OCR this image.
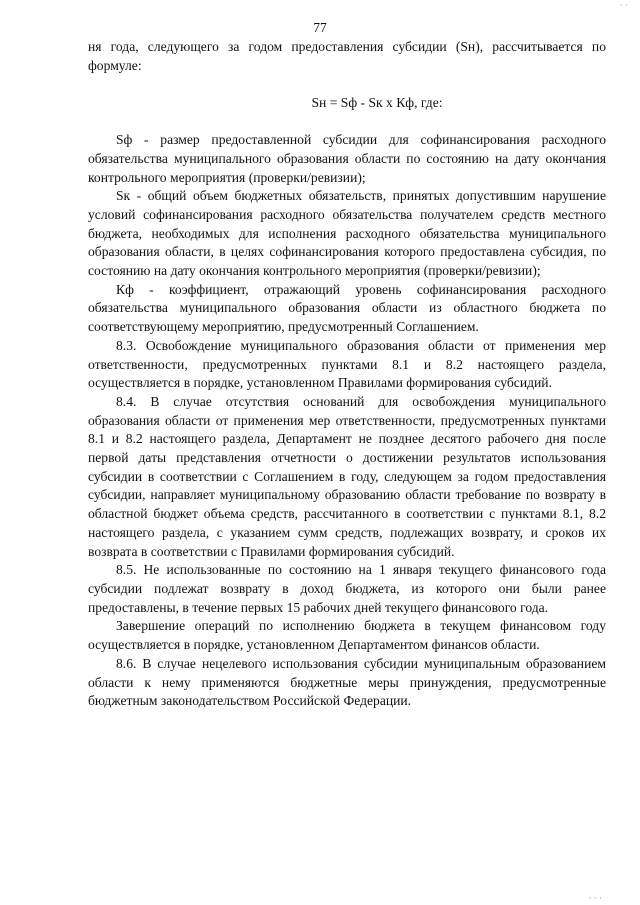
· ·
77

ня года, следующего за годом предоставления субсидии (Sн), рассчитывается по формуле:

Sн = Sф - Sк x Кф, где:

Sф - размер предоставленной субсидии для софинансирования расходного обязательства муниципального образования области по состоянию на дату окончания контрольного мероприятия (проверки/ревизии);

Sк - общий объем бюджетных обязательств, принятых допустившим нарушение условий софинансирования расходного обязательства получателем средств местного бюджета, необходимых для исполнения расходного обязательства муниципального образования области, в целях софинансирования которого предоставлена субсидия, по состоянию на дату окончания контрольного мероприятия (проверки/ревизии);

Кф - коэффициент, отражающий уровень софинансирования расходного обязательства муниципального образования области из областного бюджета по соответствующему мероприятию, предусмотренный Соглашением.

8.3. Освобождение муниципального образования области от применения мер ответственности, предусмотренных пунктами 8.1 и 8.2 настоящего раздела, осуществляется в порядке, установленном Правилами формирования субсидий.

8.4. В случае отсутствия оснований для освобождения муниципального образования области от применения мер ответственности, предусмотренных пунктами 8.1 и 8.2 настоящего раздела, Департамент не позднее десятого рабочего дня после первой даты представления отчетности о достижении результатов использования субсидии в соответствии с Соглашением в году, следующем за годом предоставления субсидии, направляет муниципальному образованию области требование по возврату в областной бюджет объема средств, рассчитанного в соответствии с пунктами 8.1, 8.2 настоящего раздела, с указанием сумм средств, подлежащих возврату, и сроков их возврата в соответствии с Правилами формирования субсидий.

8.5. Не использованные по состоянию на 1 января текущего финансового года субсидии подлежат возврату в доход бюджета, из которого они были ранее предоставлены, в течение первых 15 рабочих дней текущего финансового года.

Завершение операций по исполнению бюджета в текущем финансовом году осуществляется в порядке, установленном Департаментом финансов области.

8.6. В случае нецелевого использования субсидии муниципальным образованием области к нему применяются бюджетные меры принуждения, предусмотренные бюджетным законодательством Российской Федерации.

· · ·
